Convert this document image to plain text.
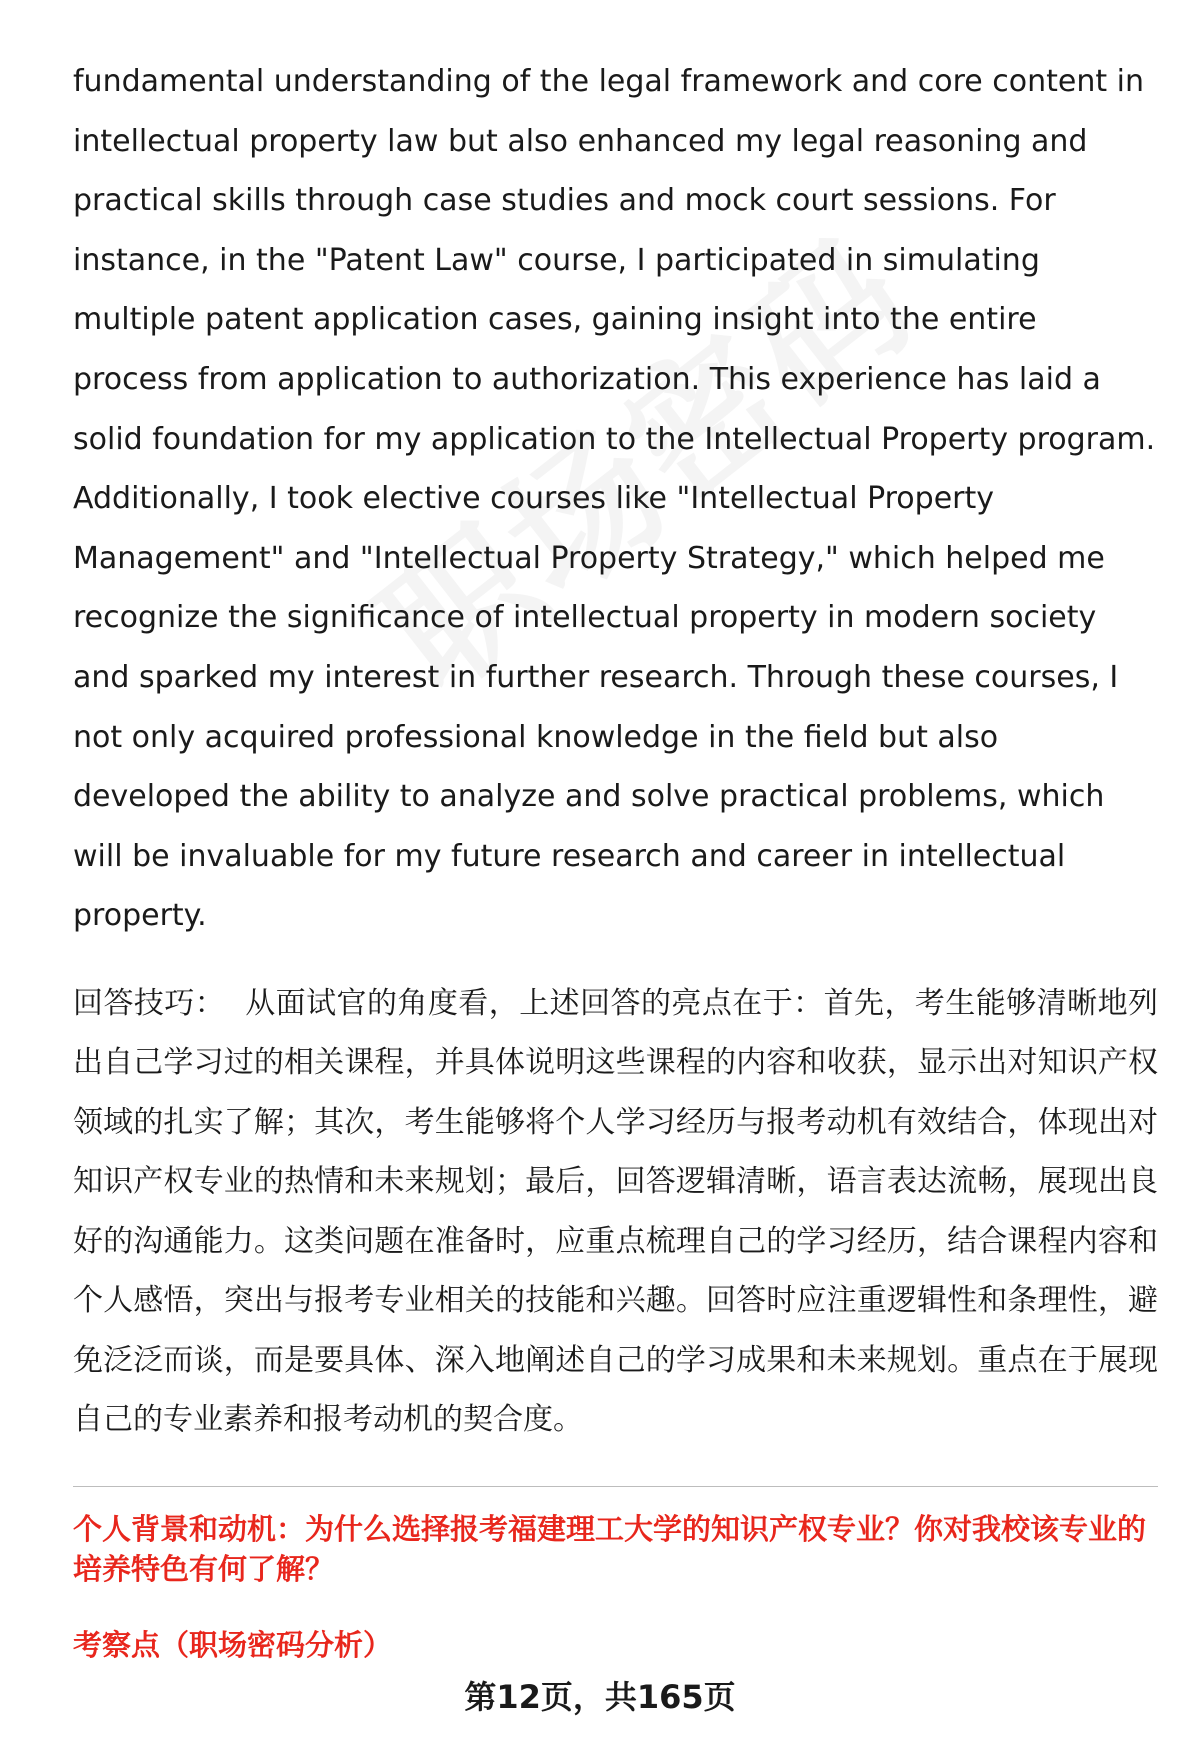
fundamental understanding of the legal framework and core content in intellectual property law but also enhanced my legal reasoning and practical skills through case studies and mock court sessions. For instance, in the "Patent Law" course, I participated in simulating multiple patent application cases, gaining insight into the entire process from application to authorization. This experience has laid a solid foundation for my application to the Intellectual Property program. Additionally, I took elective courses like "Intellectual Property Management" and "Intellectual Property Strategy," which helped me recognize the significance of intellectual property in modern society and sparked my interest in further research. Through these courses, I not only acquired professional knowledge in the field but also developed the ability to analyze and solve practical problems, which will be invaluable for my future research and career in intellectual property.

回答技巧： 从面试官的角度看，上述回答的亮点在于：首先，考生能够清晰地列出自己学习过的相关课程，并具体说明这些课程的内容和收获，显示出对知识产权领域的扎实了解；其次，考生能够将个人学习经历与报考动机有效结合，体现出对知识产权专业的热情和未来规划；最后，回答逻辑清晰，语言表达流畅，展现出良好的沟通能力。这类问题在准备时，应重点梳理自己的学习经历，结合课程内容和个人感悟，突出与报考专业相关的技能和兴趣。回答时应注重逻辑性和条理性，避免泛泛而谈，而是要具体、深入地阐述自己的学习成果和未来规划。重点在于展现自己的专业素养和报考动机的契合度。

个人背景和动机：为什么选择报考福建理工大学的知识产权专业？你对我校该专业的培养特色有何了解？

考察点（职场密码分析）

第12页，共165页
